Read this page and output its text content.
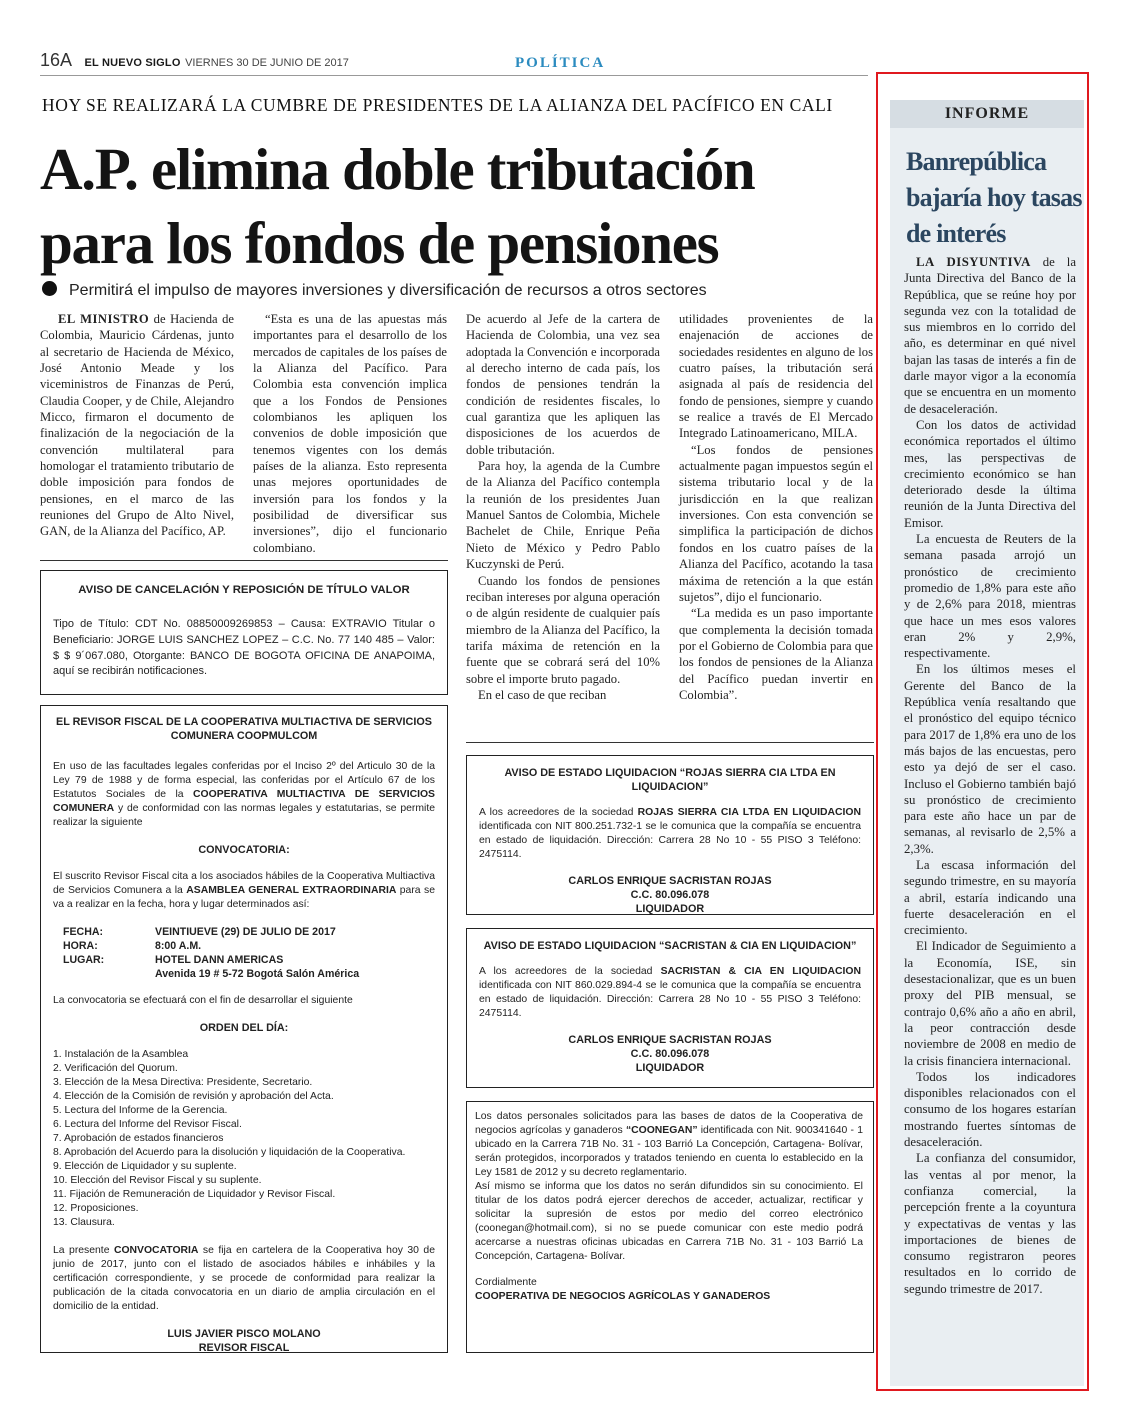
16A EL NUEVO SIGLO VIERNES 30 DE JUNIO DE 2017	POLÍTICA
HOY SE REALIZARÁ LA CUMBRE DE PRESIDENTES DE LA ALIANZA DEL PACÍFICO EN CALI
A.P. elimina doble tributación
para los fondos de pensiones
Permitirá el impulso de mayores inversiones y diversificación de recursos a otros sectores

EL MINISTRO de Hacienda de Colombia, Mauricio Cárdenas, junto al secretario de Hacienda de México, José Antonio Meade y los viceministros de Finanzas de Perú, Claudia Cooper, y de Chile, Alejandro Micco, firmaron el documento de finalización de la negociación de la convención multilateral para homologar el tratamiento tributario de doble imposición para fondos de pensiones, en el marco de las reuniones del Grupo de Alto Nivel, GAN, de la Alianza del Pacífico, AP.

“Esta es una de las apuestas más importantes para el desarrollo de los mercados de capitales de los países de la Alianza del Pacífico. Para Colombia esta convención implica que a los Fondos de Pensiones colombianos les apliquen los convenios de doble imposición que tenemos vigentes con los demás países de la alianza. Esto representa unas mejores oportunidades de inversión para los fondos y la posibilidad de diversificar sus inversiones”, dijo el funcionario colombiano.

De acuerdo al Jefe de la cartera de Hacienda de Colombia, una vez sea adoptada la Convención e incorporada al derecho interno de cada país, los fondos de pensiones tendrán la condición de residentes fiscales, lo cual garantiza que les apliquen las disposiciones de los acuerdos de doble tributación.

Para hoy, la agenda de la Cumbre de la Alianza del Pacífico contempla la reunión de los presidentes Juan Manuel Santos de Colombia, Michele Bachelet de Chile, Enrique Peña Nieto de México y Pedro Pablo Kuczynski de Perú.

Cuando los fondos de pensiones reciban intereses por alguna operación o de algún residente de cualquier país miembro de la Alianza del Pacífico, la tarifa máxima de retención en la fuente que se cobrará será del 10% sobre el importe bruto pagado.

En el caso de que reciban

utilidades provenientes de la enajenación de acciones de sociedades residentes en alguno de los cuatro países, la tributación será asignada al país de residencia del fondo de pensiones, siempre y cuando se realice a través de El Mercado Integrado Latinoamericano, MILA.

“Los fondos de pensiones actualmente pagan impuestos según el sistema tributario local y de la jurisdicción en la que realizan inversiones. Con esta convención se simplifica la participación de dichos fondos en los cuatro países de la Alianza del Pacífico, acotando la tasa máxima de retención a la que están sujetos”, dijo el funcionario.

“La medida es un paso importante que complementa la decisión tomada por el Gobierno de Colombia para que los fondos de pensiones de la Alianza del Pacífico puedan invertir en Colombia”.

AVISO DE CANCELACIÓN Y REPOSICIÓN DE TÍTULO VALOR
Tipo de Título: CDT No. 08850009269853 – Causa: EXTRAVIO Titular o Beneficiario: JORGE LUIS SANCHEZ LOPEZ – C.C. No. 77 140 485 – Valor: $ $ 9´067.080, Otorgante: BANCO DE BOGOTA OFICINA DE ANAPOIMA, aquí se recibirán notificaciones.
EL REVISOR FISCAL DE LA COOPERATIVA MULTIACTIVA DE SERVICIOS
COMUNERA COOPMULCOM
En uso de las facultades legales conferidas por el Inciso 2º del Articulo 30 de la Ley 79 de 1988 y de forma especial, las conferidas por el Artículo 67 de los Estatutos Sociales de la COOPERATIVA MULTIACTIVA DE SERVICIOS COMUNERA y de conformidad con las normas legales y estatutarias, se permite realizar la siguiente
CONVOCATORIA:
El suscrito Revisor Fiscal cita a los asociados hábiles de la Cooperativa Multiactiva de Servicios Comunera a la ASAMBLEA GENERAL EXTRAORDINARIA para se va a realizar en la fecha, hora y lugar determinados así:
FECHA:	VEINTIUEVE (29) DE JULIO DE 2017
HORA:	8:00 A.M.
LUGAR:	HOTEL DANN AMERICAS
	Avenida 19 # 5-72 Bogotá Salón América
La convocatoria se efectuará con el fin de desarrollar el siguiente
ORDEN DEL DÍA:
1. Instalación de la Asamblea
2. Verificación del Quorum.
3. Elección de la Mesa Directiva: Presidente, Secretario.
4. Elección de la Comisión de revisión y aprobación del Acta.
5. Lectura del Informe de la Gerencia.
6. Lectura del Informe del Revisor Fiscal.
7. Aprobación de estados financieros
8. Aprobación del Acuerdo para la disolución y liquidación de la Cooperativa.
9. Elección de Liquidador y su suplente.
10. Elección del Revisor Fiscal y su suplente.
11. Fijación de Remuneración de Liquidador y Revisor Fiscal.
12. Proposiciones.
13. Clausura.
La presente CONVOCATORIA se fija en cartelera de la Cooperativa hoy 30 de junio de 2017, junto con el listado de asociados hábiles e inhábiles y la certificación correspondiente, y se procede de conformidad para realizar la publicación de la citada convocatoria en un diario de amplia circulación en el domicilio de la entidad.
LUIS JAVIER PISCO MOLANO
REVISOR FISCAL
AVISO DE ESTADO LIQUIDACION “ROJAS SIERRA CIA LTDA EN
LIQUIDACION”
A los acreedores de la sociedad ROJAS SIERRA CIA LTDA EN LIQUIDACION identificada con NIT 800.251.732-1 se le comunica que la compañía se encuentra en estado de liquidación. Dirección: Carrera 28 No 10 - 55 PISO 3 Teléfono: 2475114.
CARLOS ENRIQUE SACRISTAN ROJAS
C.C. 80.096.078
LIQUIDADOR
AVISO DE ESTADO LIQUIDACION “SACRISTAN & CIA EN LIQUIDACION”
A los acreedores de la sociedad SACRISTAN & CIA EN LIQUIDACION identificada con NIT 860.029.894-4 se le comunica que la compañía se encuentra en estado de liquidación. Dirección: Carrera 28 No 10 - 55 PISO 3 Teléfono: 2475114.
CARLOS ENRIQUE SACRISTAN ROJAS
C.C. 80.096.078
LIQUIDADOR
Los datos personales solicitados para las bases de datos de la Cooperativa de negocios agrícolas y ganaderos “COONEGAN” identificada con Nit. 900341640 - 1 ubicado en la Carrera 71B No. 31 - 103 Barrió La Concepción, Cartagena- Bolívar, serán protegidos, incorporados y tratados teniendo en cuenta lo establecido en la Ley 1581 de 2012 y su decreto reglamentario.
Así mismo se informa que los datos no serán difundidos sin su conocimiento. El titular de los datos podrá ejercer derechos de acceder, actualizar, rectificar y solicitar la supresión de estos por medio del correo electrónico (coonegan@hotmail.com), si no se puede comunicar con este medio podrá acercarse a nuestras oficinas ubicadas en Carrera 71B No. 31 - 103 Barrió La Concepción, Cartagena- Bolívar.
Cordialmente
COOPERATIVA DE NEGOCIOS AGRÍCOLAS Y GANADEROS
INFORME
Banrepública bajaría hoy tasas de interés

LA DISYUNTIVA de la Junta Directiva del Banco de la República, que se reúne hoy por segunda vez con la totalidad de sus miembros en lo corrido del año, es determinar en qué nivel bajan las tasas de interés a fin de darle mayor vigor a la economía que se encuentra en un momento de desaceleración.

Con los datos de actividad económica reportados el último mes, las perspectivas de crecimiento económico se han deteriorado desde la última reunión de la Junta Directiva del Emisor.

La encuesta de Reuters de la semana pasada arrojó un pronóstico de crecimiento promedio de 1,8% para este año y de 2,6% para 2018, mientras que hace un mes esos valores eran 2% y 2,9%, respectivamente.

En los últimos meses el Gerente del Banco de la República venía resaltando que el pronóstico del equipo técnico para 2017 de 1,8% era uno de los más bajos de las encuestas, pero esto ya dejó de ser el caso. Incluso el Gobierno también bajó su pronóstico de crecimiento para este año hace un par de semanas, al revisarlo de 2,5% a 2,3%.

La escasa información del segundo trimestre, en su mayoría a abril, estaría indicando una fuerte desaceleración en el crecimiento.

El Indicador de Seguimiento a la Economía, ISE, sin desestacionalizar, que es un buen proxy del PIB mensual, se contrajo 0,6% año a año en abril, la peor contracción desde noviembre de 2008 en medio de la crisis financiera internacional.

Todos los indicadores disponibles relacionados con el consumo de los hogares estarían mostrando fuertes síntomas de desaceleración.

La confianza del consumidor, las ventas al por menor, la confianza comercial, la percepción frente a la coyuntura y expectativas de ventas y las importaciones de bienes de consumo registraron peores resultados en lo corrido de segundo trimestre de 2017.
